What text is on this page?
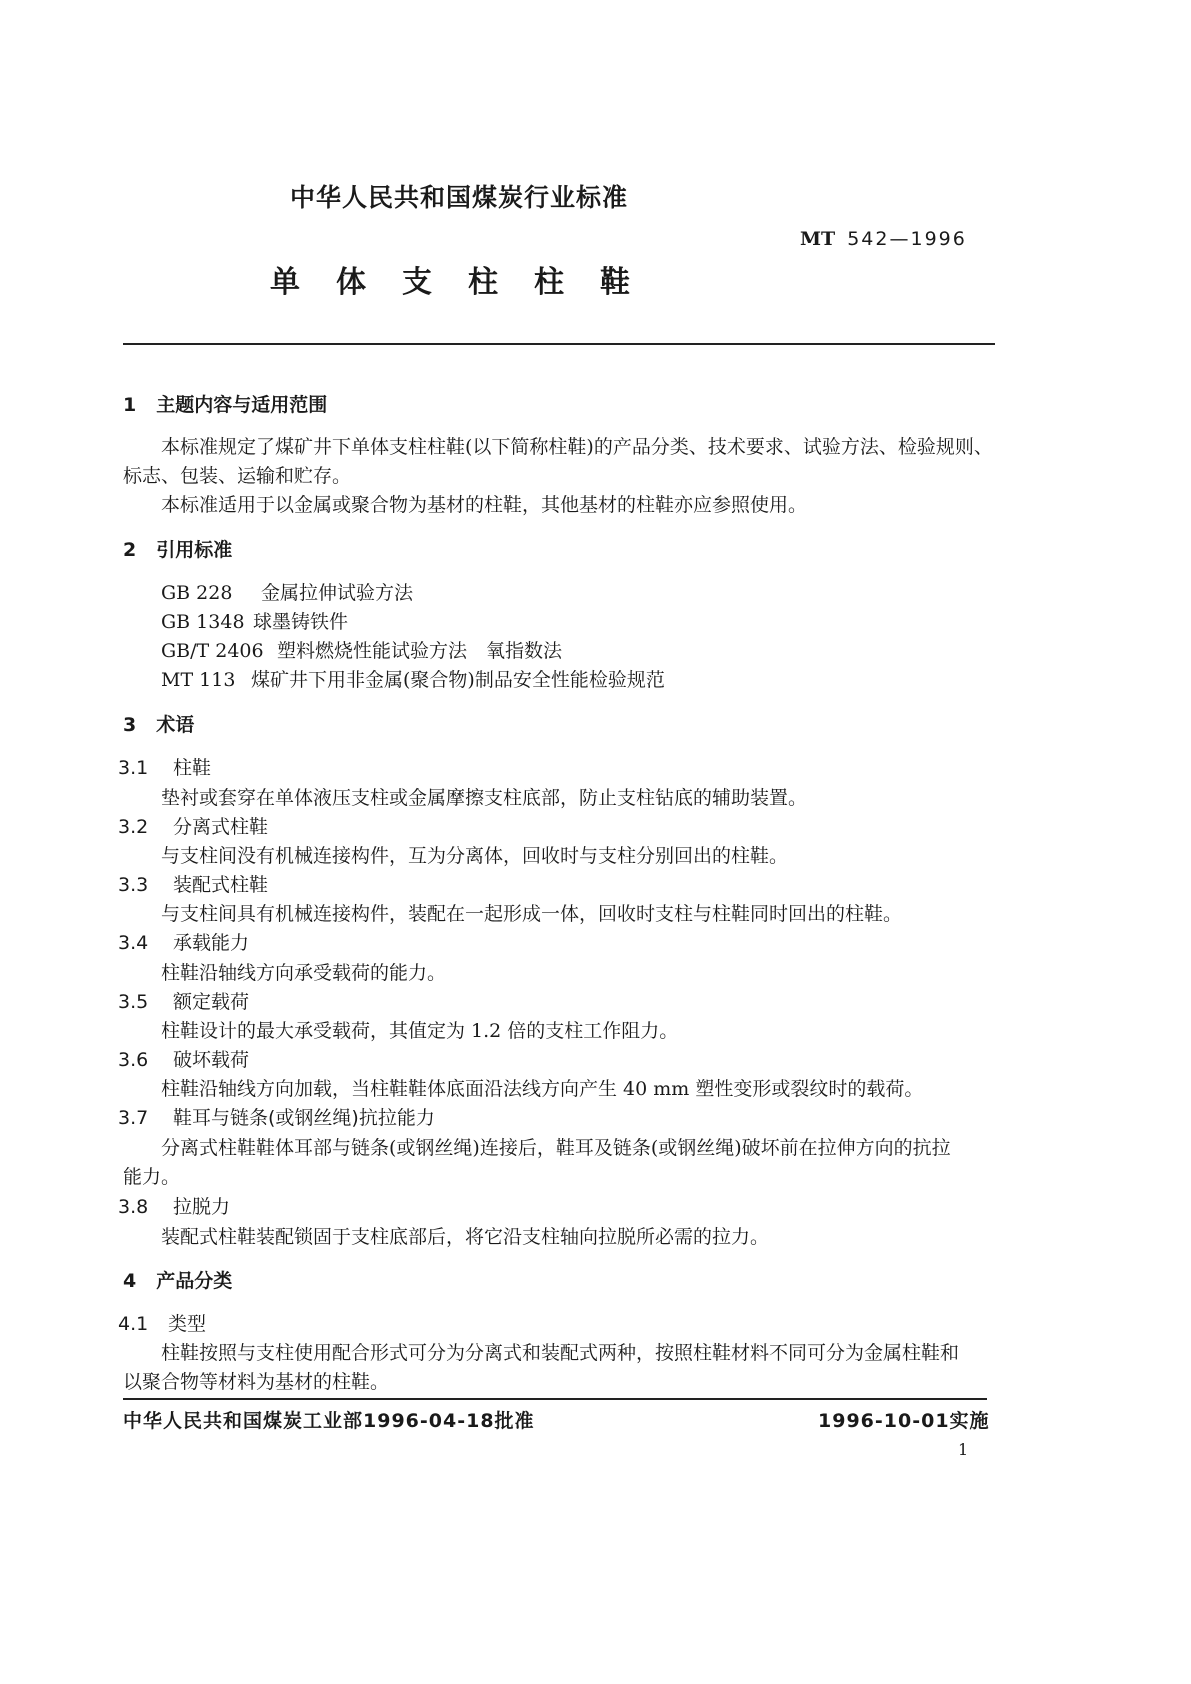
中华人民共和国煤炭行业标准
MT 542—1996
单 体 支 柱 柱 鞋
1 主题内容与适用范围
本标准规定了煤矿井下单体支柱柱鞋(以下简称柱鞋)的产品分类、技术要求、试验方法、检验规则、
标志、包装、运输和贮存。
本标准适用于以金属或聚合物为基材的柱鞋，其他基材的柱鞋亦应参照使用。
2 引用标准
GB 228 金属拉伸试验方法
GB 1348 球墨铸铁件
GB/T 2406 塑料燃烧性能试验方法　氧指数法
MT 113 煤矿井下用非金属(聚合物)制品安全性能检验规范
3 术语
3.1 柱鞋
垫衬或套穿在单体液压支柱或金属摩擦支柱底部，防止支柱钻底的辅助装置。
3.2 分离式柱鞋
与支柱间没有机械连接构件，互为分离体，回收时与支柱分别回出的柱鞋。
3.3 装配式柱鞋
与支柱间具有机械连接构件，装配在一起形成一体，回收时支柱与柱鞋同时回出的柱鞋。
3.4 承载能力
柱鞋沿轴线方向承受载荷的能力。
3.5 额定载荷
柱鞋设计的最大承受载荷，其值定为 1.2 倍的支柱工作阻力。
3.6 破坏载荷
柱鞋沿轴线方向加载，当柱鞋鞋体底面沿法线方向产生 40 mm 塑性变形或裂纹时的载荷。
3.7 鞋耳与链条(或钢丝绳)抗拉能力
分离式柱鞋鞋体耳部与链条(或钢丝绳)连接后，鞋耳及链条(或钢丝绳)破坏前在拉伸方向的抗拉
能力。
3.8 拉脱力
装配式柱鞋装配锁固于支柱底部后，将它沿支柱轴向拉脱所必需的拉力。
4 产品分类
4.1 类型
柱鞋按照与支柱使用配合形式可分为分离式和装配式两种，按照柱鞋材料不同可分为金属柱鞋和
以聚合物等材料为基材的柱鞋。
中华人民共和国煤炭工业部1996-04-18批准	1996-10-01实施
1
